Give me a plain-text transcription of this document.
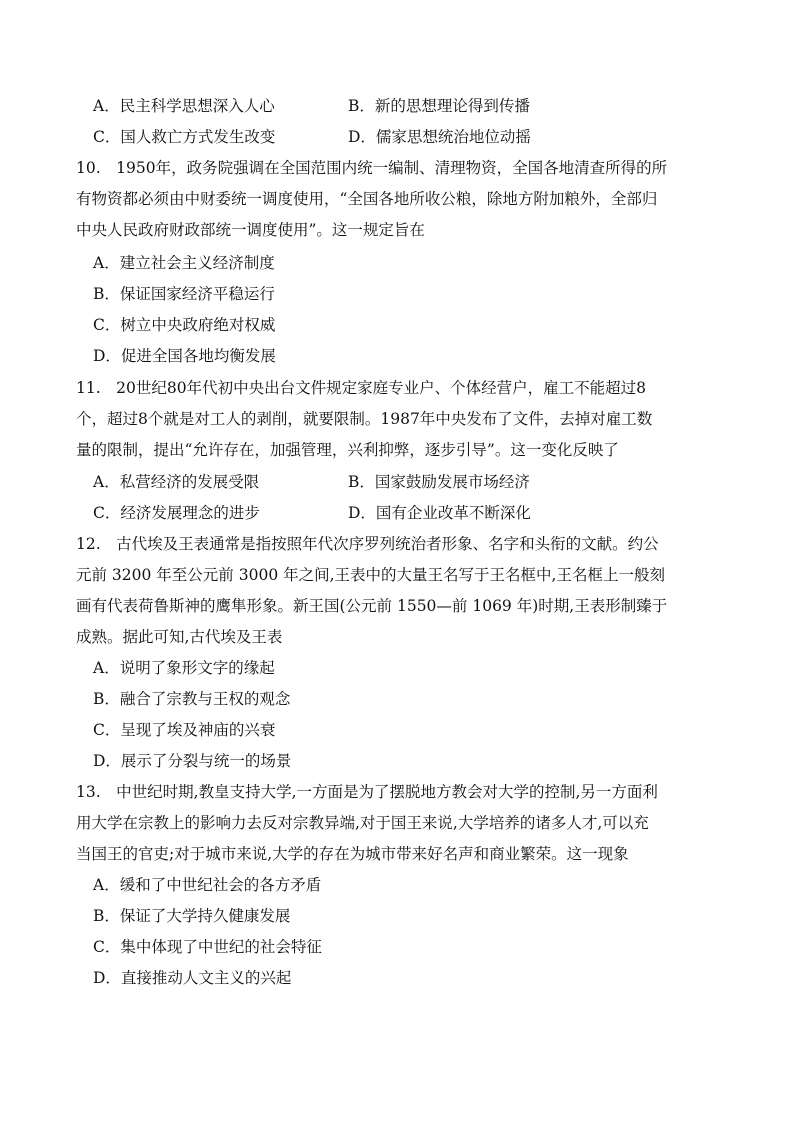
A．民主科学思想深入人心	B．新的思想理论得到传播
C．国人救亡方式发生改变	D．儒家思想统治地位动摇
10.　1950年，政务院强调在全国范围内统一编制、清理物资，全国各地清查所得的所
有物资都必须由中财委统一调度使用，“全国各地所收公粮，除地方附加粮外，全部归
中央人民政府财政部统一调度使用”。这一规定旨在
A．建立社会主义经济制度
B．保证国家经济平稳运行
C．树立中央政府绝对权威
D．促进全国各地均衡发展
11.　20世纪80年代初中央出台文件规定家庭专业户、个体经营户，雇工不能超过8
个，超过8个就是对工人的剥削，就要限制。1987年中央发布了文件，去掉对雇工数
量的限制，提出“允许存在，加强管理，兴利抑弊，逐步引导”。这一变化反映了
A．私营经济的发展受限	B．国家鼓励发展市场经济
C．经济发展理念的进步	D．国有企业改革不断深化
12.　古代埃及王表通常是指按照年代次序罗列统治者形象、名字和头衔的文献。约公
元前 3200 年至公元前 3000 年之间,王表中的大量王名写于王名框中,王名框上一般刻
画有代表荷鲁斯神的鹰隼形象。新王国(公元前 1550—前 1069 年)时期,王表形制臻于
成熟。据此可知,古代埃及王表
A．说明了象形文字的缘起
B．融合了宗教与王权的观念
C．呈现了埃及神庙的兴衰
D．展示了分裂与统一的场景
13.　中世纪时期,教皇支持大学,一方面是为了摆脱地方教会对大学的控制,另一方面利
用大学在宗教上的影响力去反对宗教异端,对于国王来说,大学培养的诸多人才,可以充
当国王的官吏;对于城市来说,大学的存在为城市带来好名声和商业繁荣。这一现象
A．缓和了中世纪社会的各方矛盾
B．保证了大学持久健康发展
C．集中体现了中世纪的社会特征
D．直接推动人文主义的兴起
